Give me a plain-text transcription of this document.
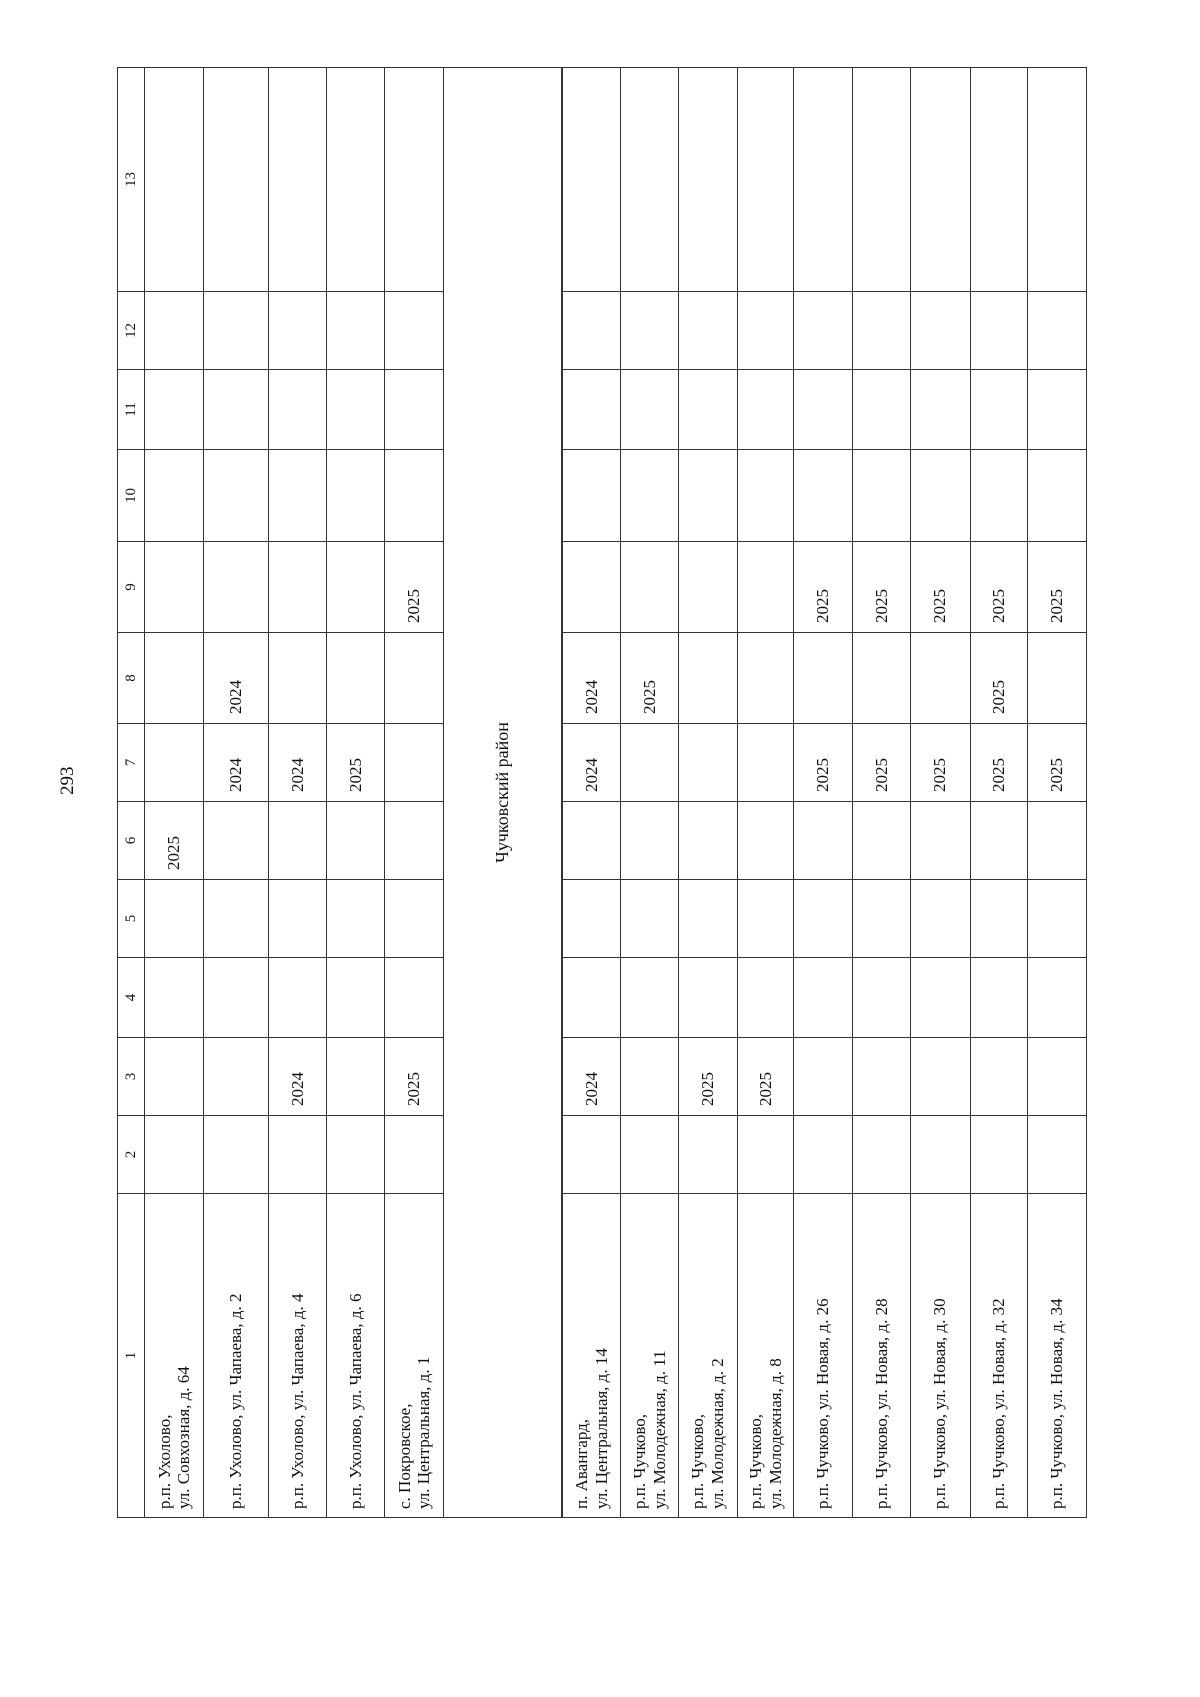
293
1	2	3	4	5	6	7	8	9	10	11	12	13

р.п. Ухолово, ул. Совхозная, д. 64					2025							

р.п. Ухолово, ул. Чапаева, д. 2						2024	2024					

р.п. Ухолово, ул. Чапаева, д. 4		2024				2024						

р.п. Ухолово, ул. Чапаева, д. 6						2025						

с. Покровское, ул. Центральная, д. 1		2025						2025				
Чучковский район												

п. Авангард, ул. Центральная, д. 14		2024				2024	2024					

р.п. Чучково, ул. Молодежная, д. 11							2025					

р.п. Чучково, ул. Молодежная, д. 2		2025										

р.п. Чучково, ул. Молодежная, д. 8		2025										

р.п. Чучково, ул. Новая, д. 26						2025		2025				

р.п. Чучково, ул. Новая, д. 28						2025		2025				

р.п. Чучково, ул. Новая, д. 30						2025		2025				

р.п. Чучково, ул. Новая, д. 32						2025	2025	2025				

р.п. Чучково, ул. Новая, д. 34						2025		2025				
